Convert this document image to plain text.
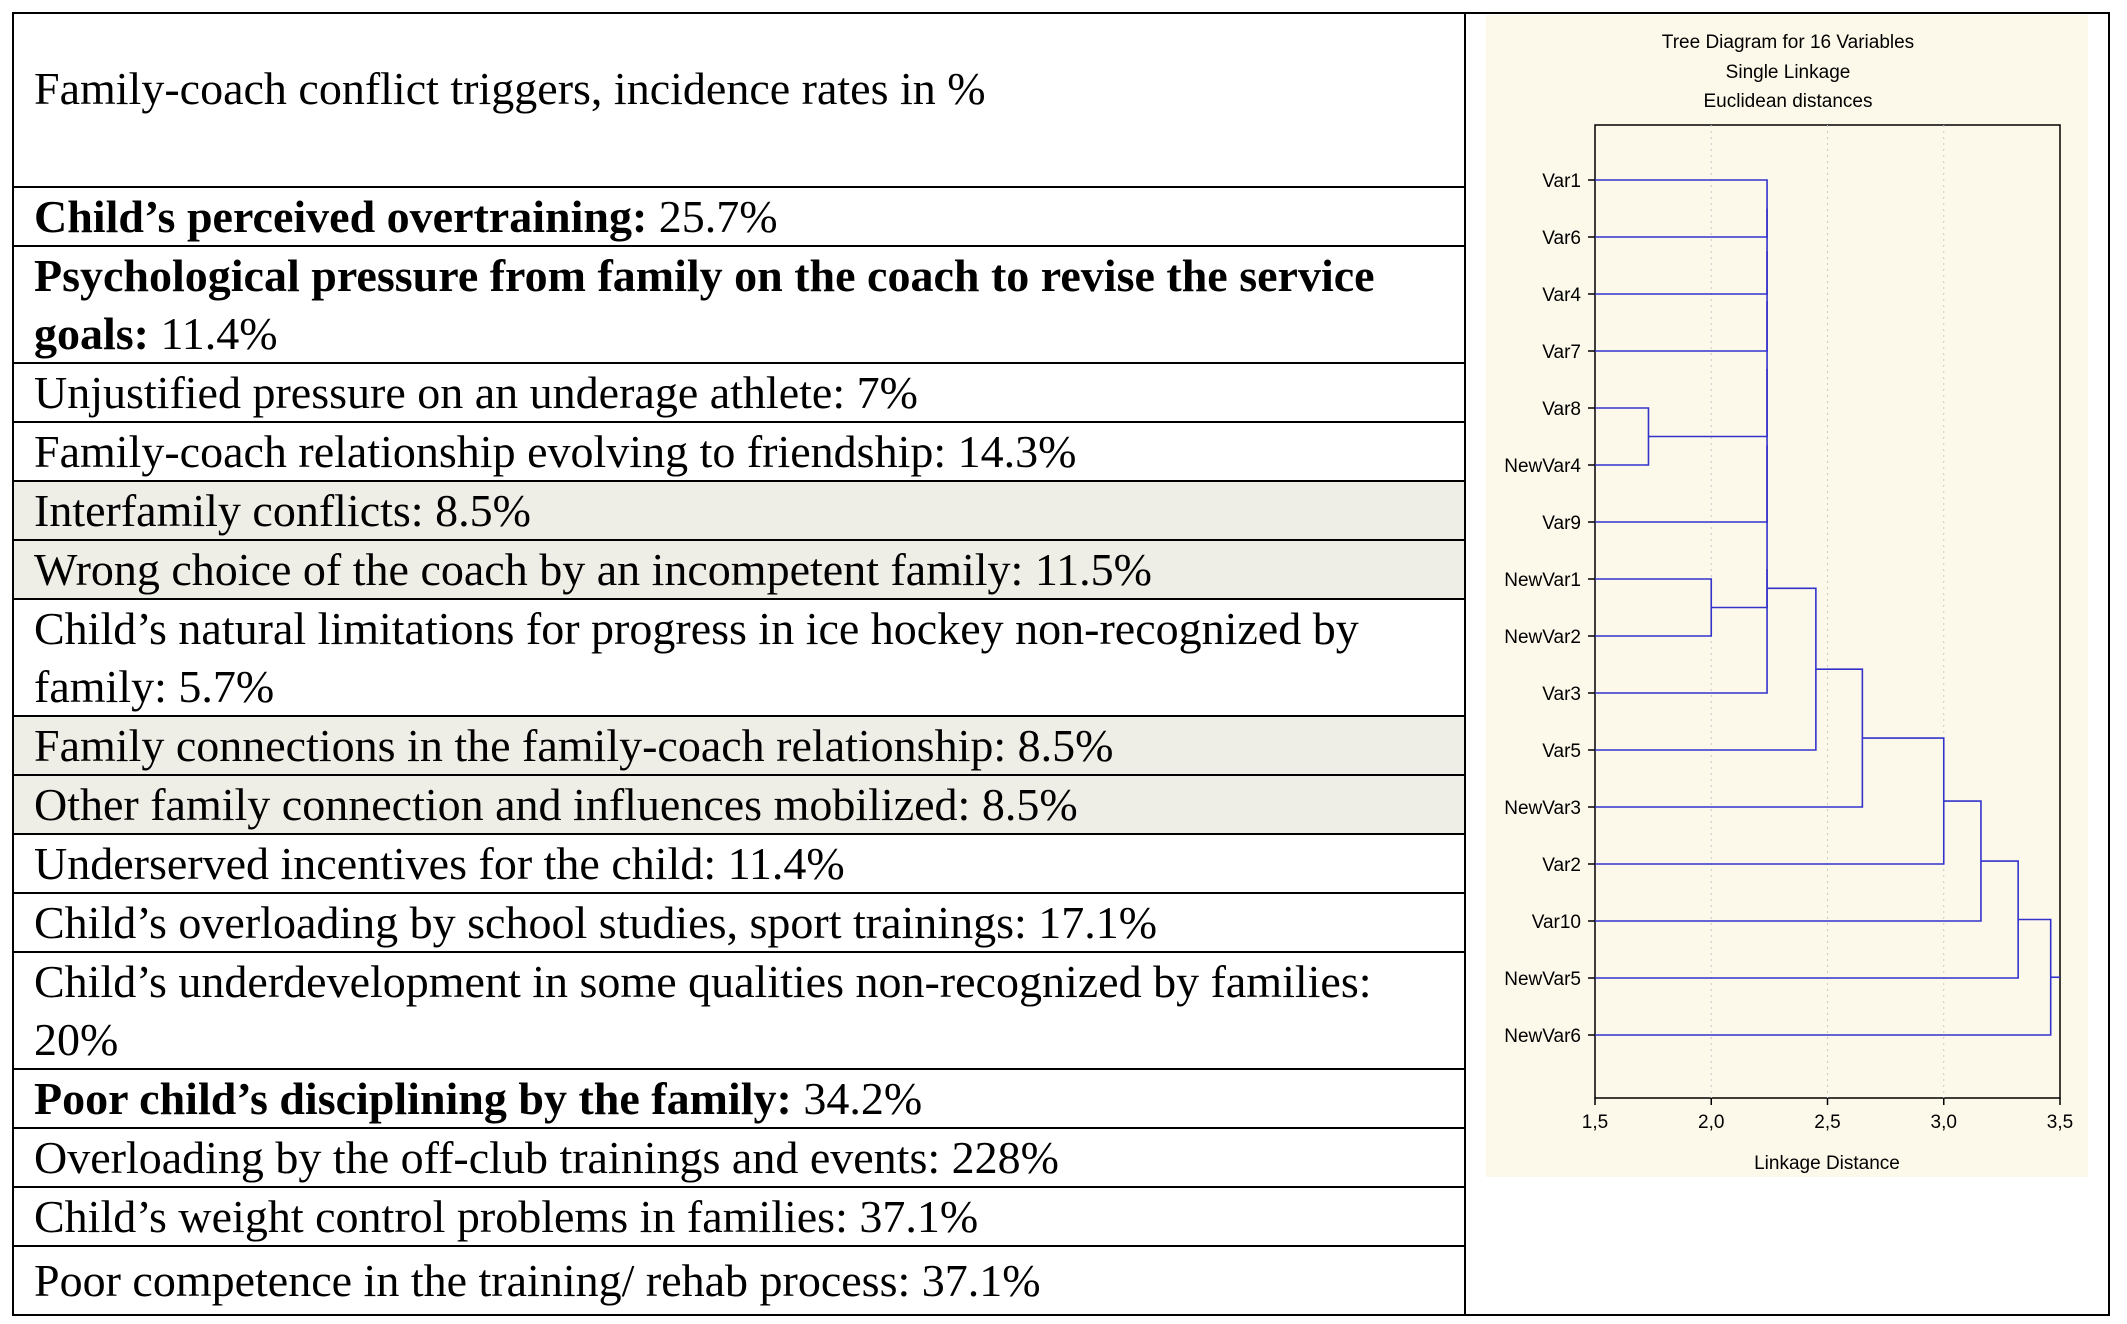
Family-coach conflict triggers, incidence rates in %
Child’s perceived overtraining: 25.7%
Psychological pressure from family on the coach to revise the service goals: 11.4%
Unjustified pressure on an underage athlete: 7%
Family-coach relationship evolving to friendship: 14.3%
Interfamily conflicts: 8.5%
Wrong choice of the coach by an incompetent family: 11.5%
Child’s natural limitations for progress in ice hockey non-recognized by family: 5.7%
Family connections in the family-coach relationship: 8.5%
Other family connection and influences mobilized: 8.5%
Underserved incentives for the child: 11.4%
Child’s overloading by school studies, sport trainings: 17.1%
Child’s underdevelopment in some qualities non-recognized by families: 20%
Poor child’s disciplining by the family: 34.2%
Overloading by the off-club trainings and events: 228%
Child’s weight control problems in families: 37.1%
Poor competence in the training/ rehab process: 37.1%
Tree Diagram for 16 Variables
Single Linkage
Euclidean distances
Var1
Var6
Var4
Var7
Var8
NewVar4
Var9
NewVar1
NewVar2
Var3
Var5
NewVar3
Var2
Var10
NewVar5
NewVar6
1,5	2,0	2,5	3,0	3,5
Linkage Distance
